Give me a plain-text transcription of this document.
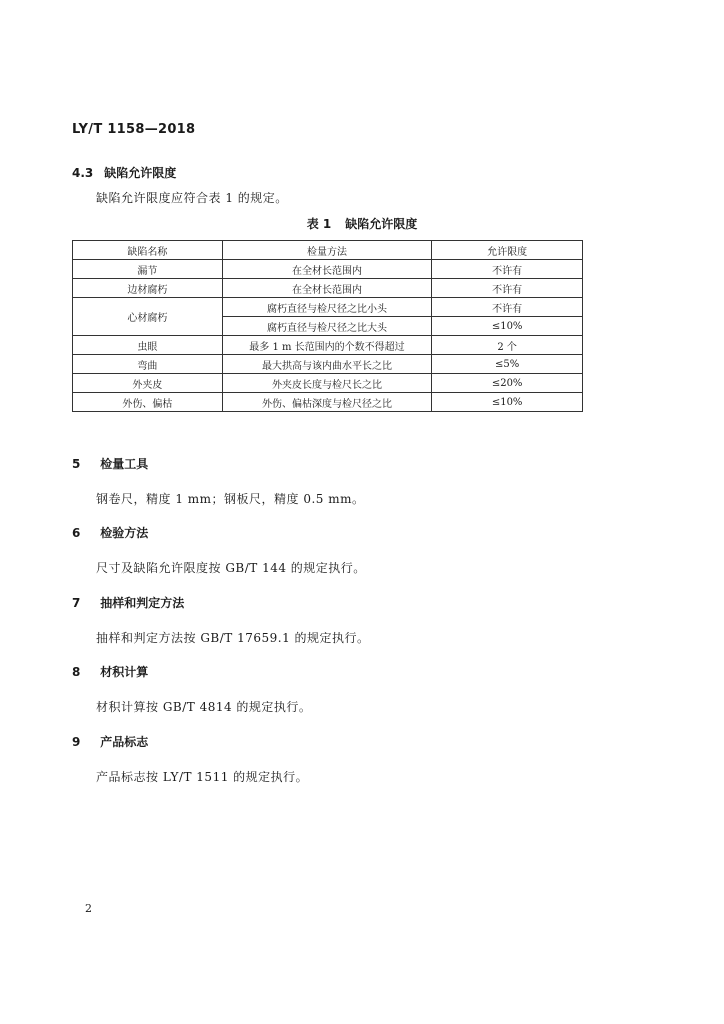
LY/T 1158—2018
4.3 缺陷允许限度
缺陷允许限度应符合表 1 的规定。
表 1 缺陷允许限度
缺陷名称	检量方法	允许限度
漏节	在全材长范围内	不许有
边材腐朽	在全材长范围内	不许有
心材腐朽	腐朽直径与检尺径之比小头	不许有
	腐朽直径与检尺径之比大头	≤10%
虫眼	最多 1 m 长范围内的个数不得超过	2 个
弯曲	最大拱高与该内曲水平长之比	≤5%
外夹皮	外夹皮长度与检尺长之比	≤20%
外伤、偏枯	外伤、偏枯深度与检尺径之比	≤10%
5 检量工具
钢卷尺，精度 1 mm；钢板尺，精度 0.5 mm。
6 检验方法
尺寸及缺陷允许限度按 GB/T 144 的规定执行。
7 抽样和判定方法
抽样和判定方法按 GB/T 17659.1 的规定执行。
8 材积计算
材积计算按 GB/T 4814 的规定执行。
9 产品标志
产品标志按 LY/T 1511 的规定执行。
2
